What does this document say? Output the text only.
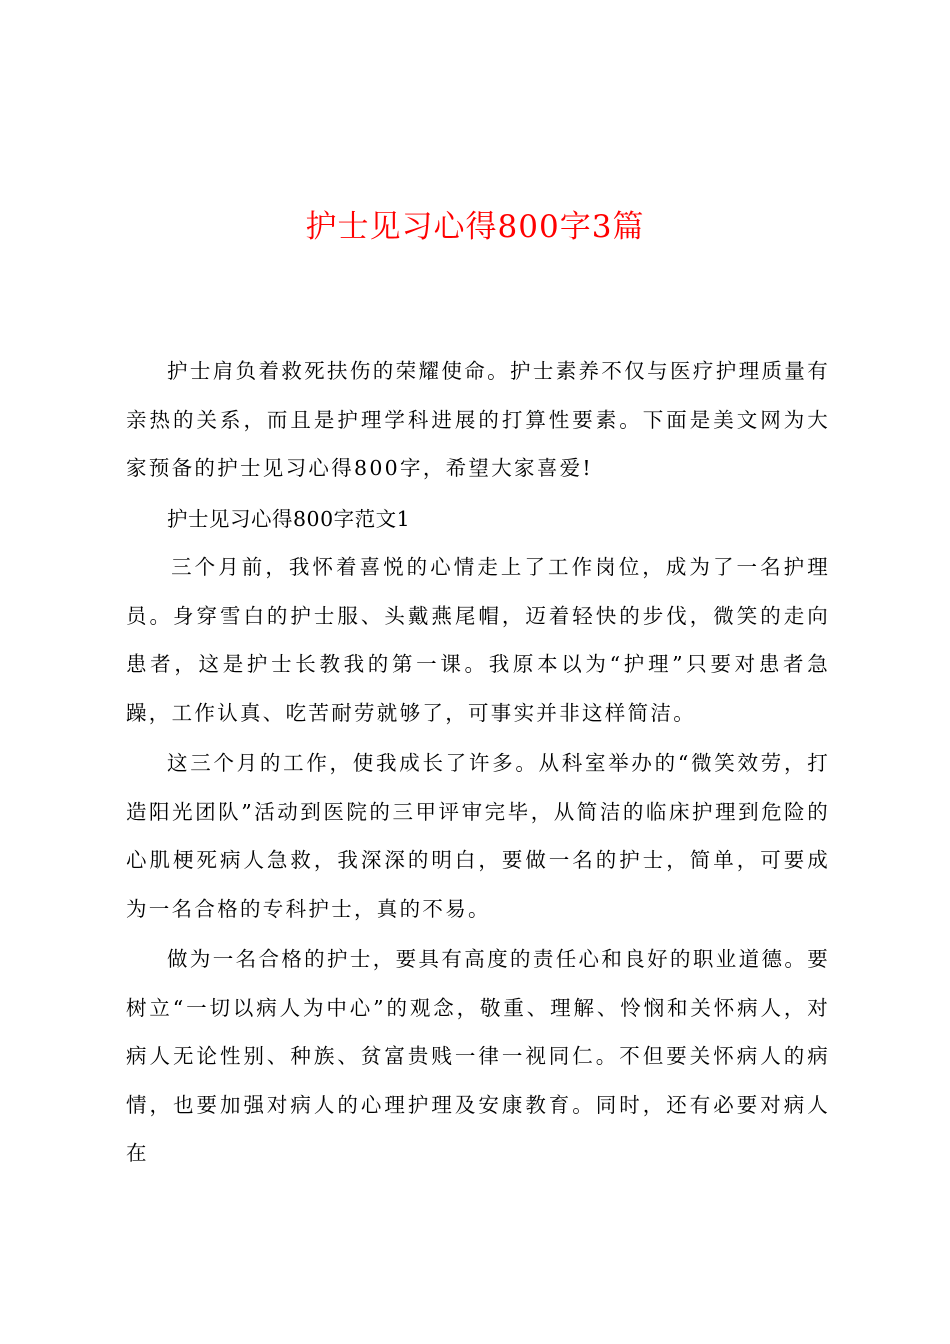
护士见习心得800字3篇

护士肩负着救死扶伤的荣耀使命。护士素养不仅与医疗护理质量有亲热的关系，而且是护理学科进展的打算性要素。下面是美文网为大家预备的护士见习心得800字，希望大家喜爱!

护士见习心得800字范文1

三个月前，我怀着喜悦的心情走上了工作岗位，成为了一名护理员。身穿雪白的护士服、头戴燕尾帽，迈着轻快的步伐，微笑的走向患者，这是护士长教我的第一课。我原本以为“护理”只要对患者急躁，工作认真、吃苦耐劳就够了，可事实并非这样简洁。

这三个月的工作，使我成长了许多。从科室举办的“微笑效劳，打造阳光团队”活动到医院的三甲评审完毕，从简洁的临床护理到危险的心肌梗死病人急救，我深深的明白，要做一名的护士，简单，可要成为一名合格的专科护士，真的不易。

做为一名合格的护士，要具有高度的责任心和良好的职业道德。要树立“一切以病人为中心”的观念，敬重、理解、怜悯和关怀病人，对病人无论性别、种族、贫富贵贱一律一视同仁。不但要关怀病人的病情，也要加强对病人的心理护理及安康教育。同时，还有必要对病人在
